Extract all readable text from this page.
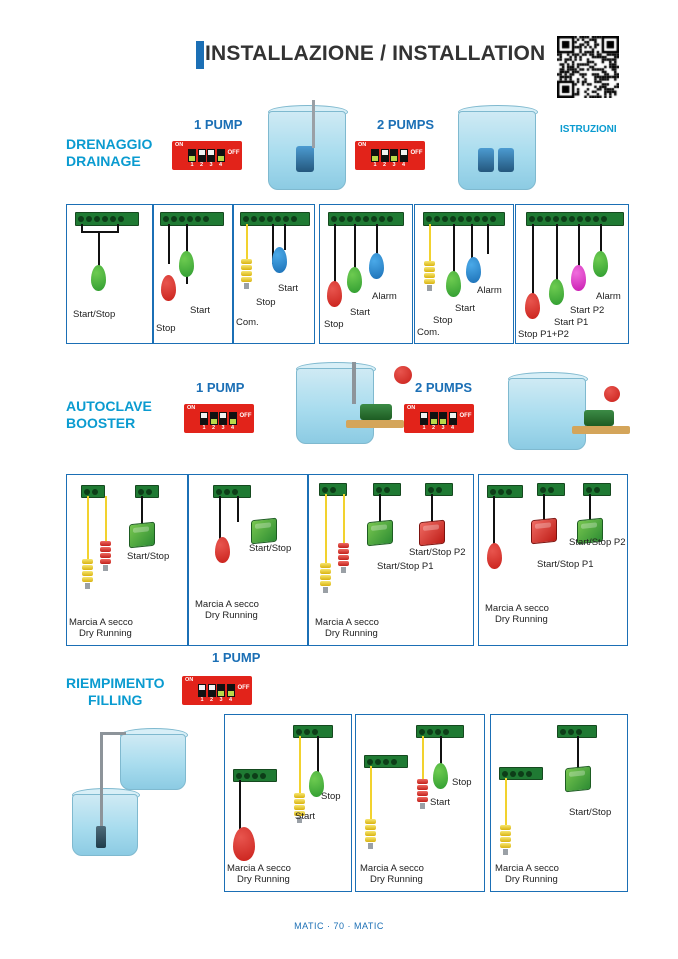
INSTALLAZIONE / INSTALLATION
ISTRUZIONI
DRENAGGIO
DRAINAGE
1 PUMP
ON
OFF
1	2	3	4
2 PUMPS
ON
OFF
1	2	3	4
Start/Stop	Start
Stop
Start
Stop
Com.
Alarm
Start
Stop
Alarm
Start
Stop
Com.
Alarm
Start P2
Start P1
Stop P1+P2
AUTOCLAVE
BOOSTER
1 PUMP
ON
OFF
1	2	3	4
2 PUMPS
ON
OFF
1	2	3	4
Start/Stop
Marcia A secco
Dry Running
Start/Stop
Marcia A secco
Dry Running
Start/Stop P2
Start/Stop P1
Marcia A secco
Dry Running
Start/Stop P2
Start/Stop P1
Marcia A secco
Dry Running
RIEMPIMENTO
FILLING
1 PUMP
ON
OFF
1	2	3	4
Stop
Start
Marcia A secco
Dry Running
Stop
Start
Marcia A secco
Dry Running
Start/Stop
Marcia A secco
Dry Running
MATIC · 70 · MATIC
